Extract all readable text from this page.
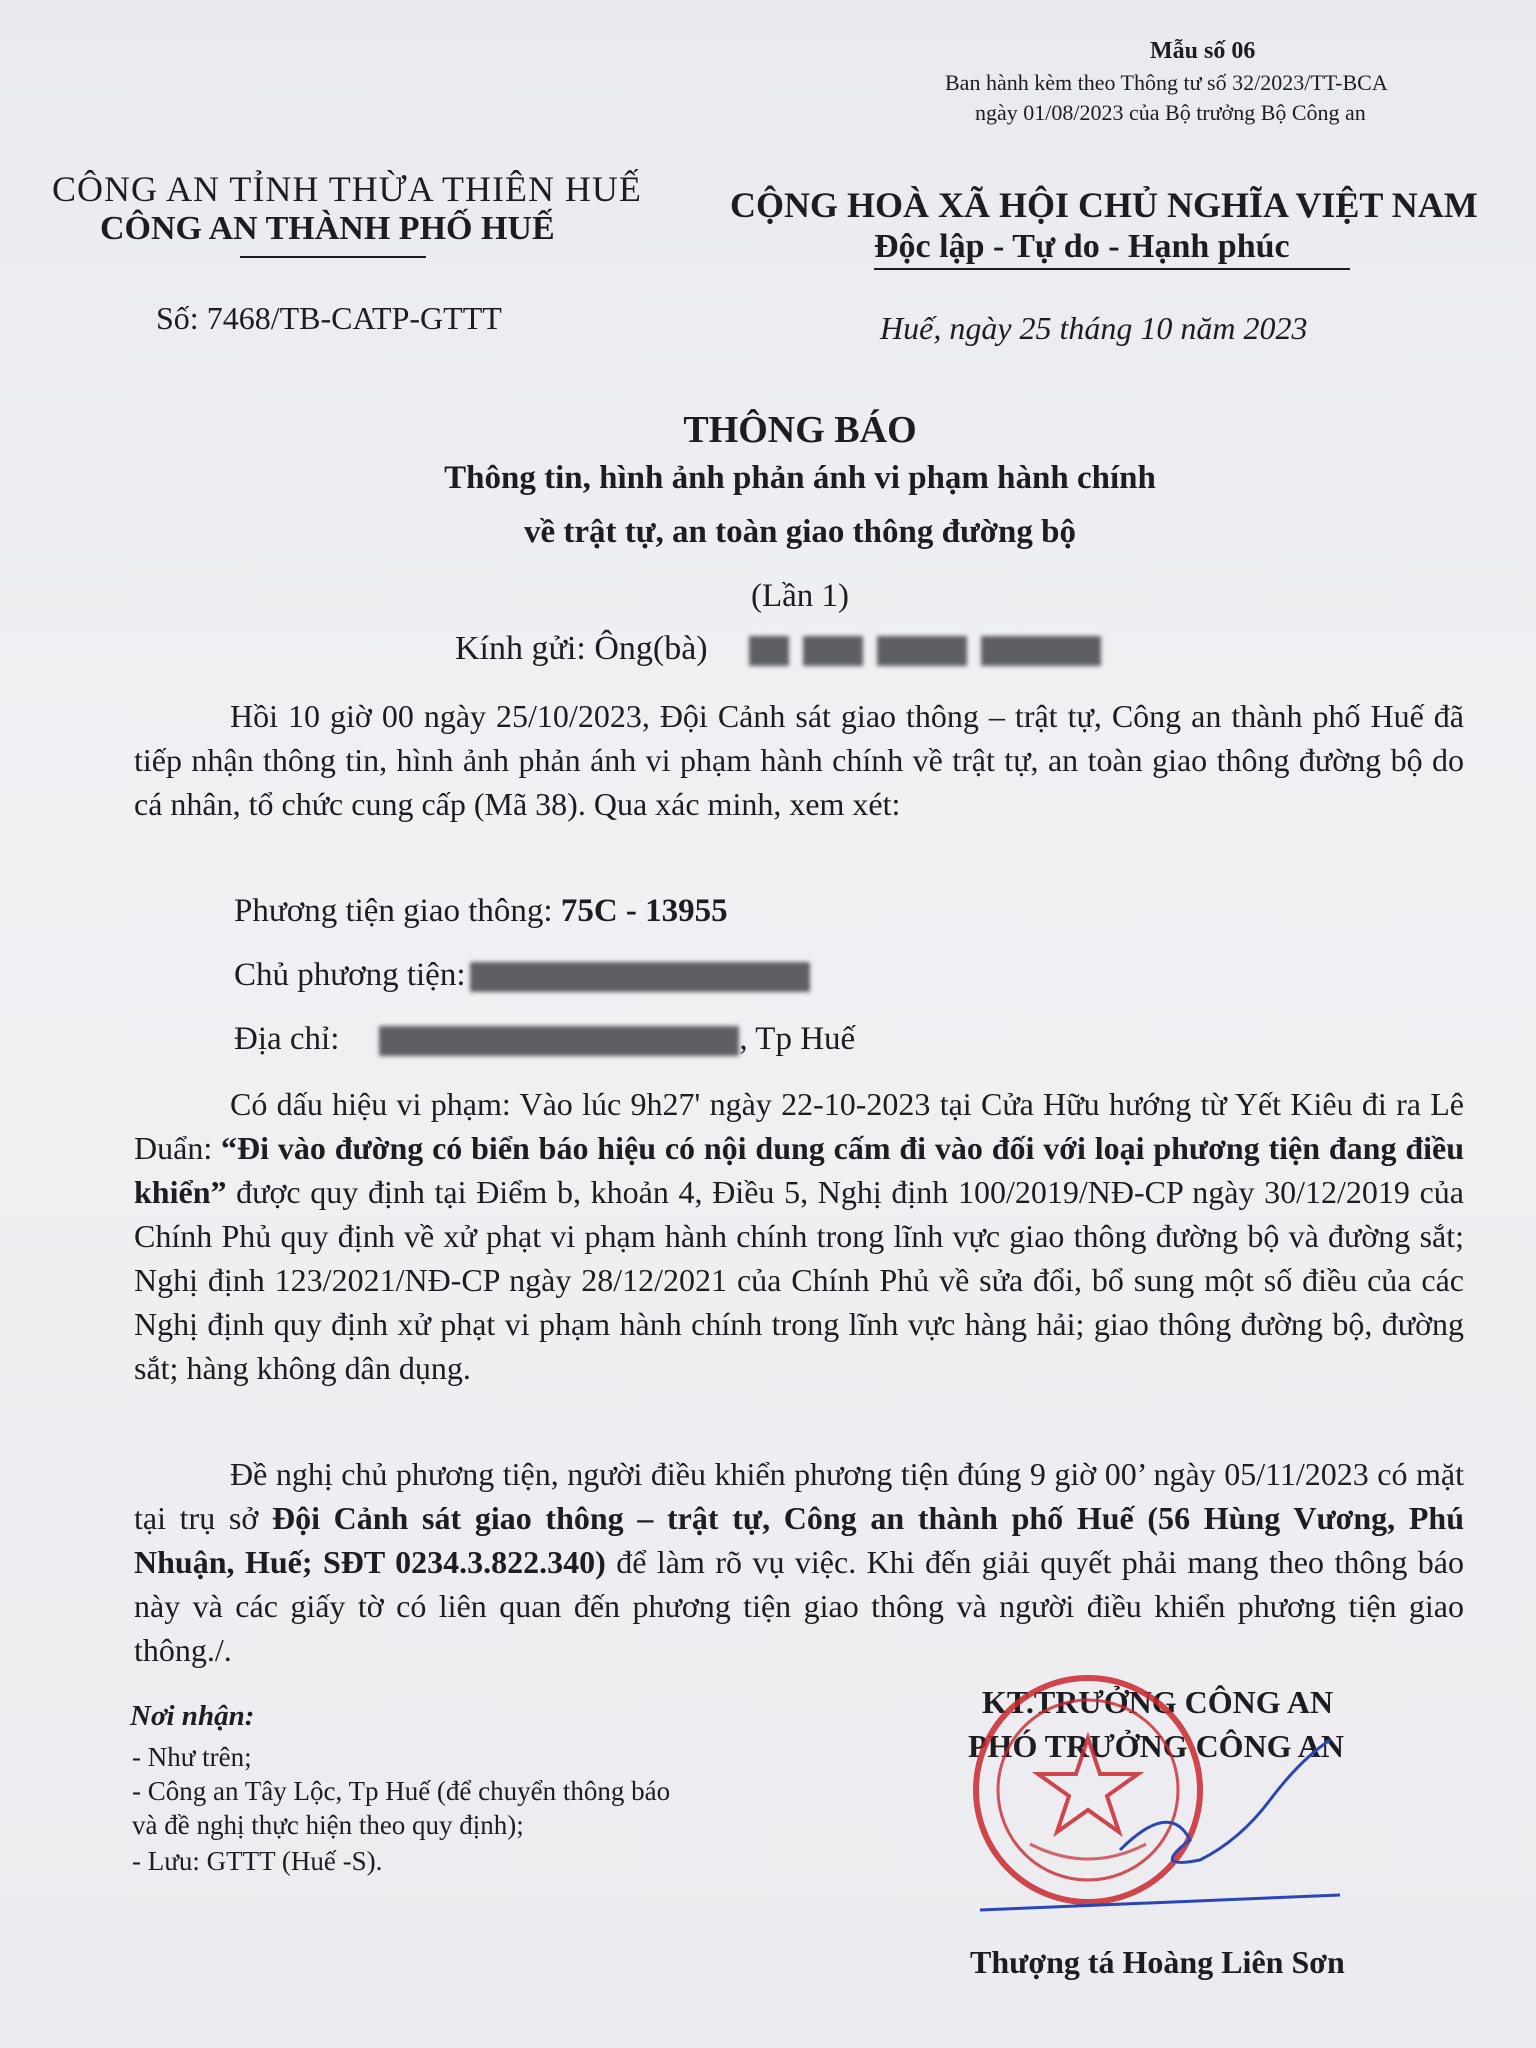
Mẫu số 06
Ban hành kèm theo Thông tư số 32/2023/TT-BCA
ngày 01/08/2023 của Bộ trưởng Bộ Công an
CÔNG AN TỈNH THỪA THIÊN HUẾ
CÔNG AN THÀNH PHỐ HUẾ
CỘNG HOÀ XÃ HỘI CHỦ NGHĨA VIỆT NAM
Độc lập - Tự do - Hạnh phúc
Số: 7468/TB-CATP-GTTT	Huế, ngày 25 tháng 10 năm 2023
THÔNG BÁO
Thông tin, hình ảnh phản ánh vi phạm hành chính
về trật tự, an toàn giao thông đường bộ
(Lần 1)
Kính gửi: Ông(bà)
Hồi 10 giờ 00 ngày 25/10/2023, Đội Cảnh sát giao thông – trật tự, Công an thành phố Huế đã tiếp nhận thông tin, hình ảnh phản ánh vi phạm hành chính về trật tự, an toàn giao thông đường bộ do cá nhân, tổ chức cung cấp (Mã 38). Qua xác minh, xem xét:
Phương tiện giao thông: 75C - 13955
Chủ phương tiện:
Địa chỉ:	, Tp Huế
Có dấu hiệu vi phạm: Vào lúc 9h27' ngày 22-10-2023 tại Cửa Hữu hướng từ Yết Kiêu đi ra Lê Duẩn: “Đi vào đường có biển báo hiệu có nội dung cấm đi vào đối với loại phương tiện đang điều khiển” được quy định tại Điểm b, khoản 4, Điều 5, Nghị định 100/2019/NĐ-CP ngày 30/12/2019 của Chính Phủ quy định về xử phạt vi phạm hành chính trong lĩnh vực giao thông đường bộ và đường sắt; Nghị định 123/2021/NĐ-CP ngày 28/12/2021 của Chính Phủ về sửa đổi, bổ sung một số điều của các Nghị định quy định xử phạt vi phạm hành chính trong lĩnh vực hàng hải; giao thông đường bộ, đường sắt; hàng không dân dụng.
Đề nghị chủ phương tiện, người điều khiển phương tiện đúng 9 giờ 00’ ngày 05/11/2023 có mặt tại trụ sở Đội Cảnh sát giao thông – trật tự, Công an thành phố Huế (56 Hùng Vương, Phú Nhuận, Huế; SĐT 0234.3.822.340) để làm rõ vụ việc. Khi đến giải quyết phải mang theo thông báo này và các giấy tờ có liên quan đến phương tiện giao thông và người điều khiển phương tiện giao thông./.
Nơi nhận:
- Như trên;
- Công an Tây Lộc, Tp Huế (để chuyển thông báo
và đề nghị thực hiện theo quy định);
- Lưu: GTTT (Huế -S).
KT.TRƯỞNG CÔNG AN
PHÓ TRƯỞNG CÔNG AN
Thượng tá Hoàng Liên Sơn
